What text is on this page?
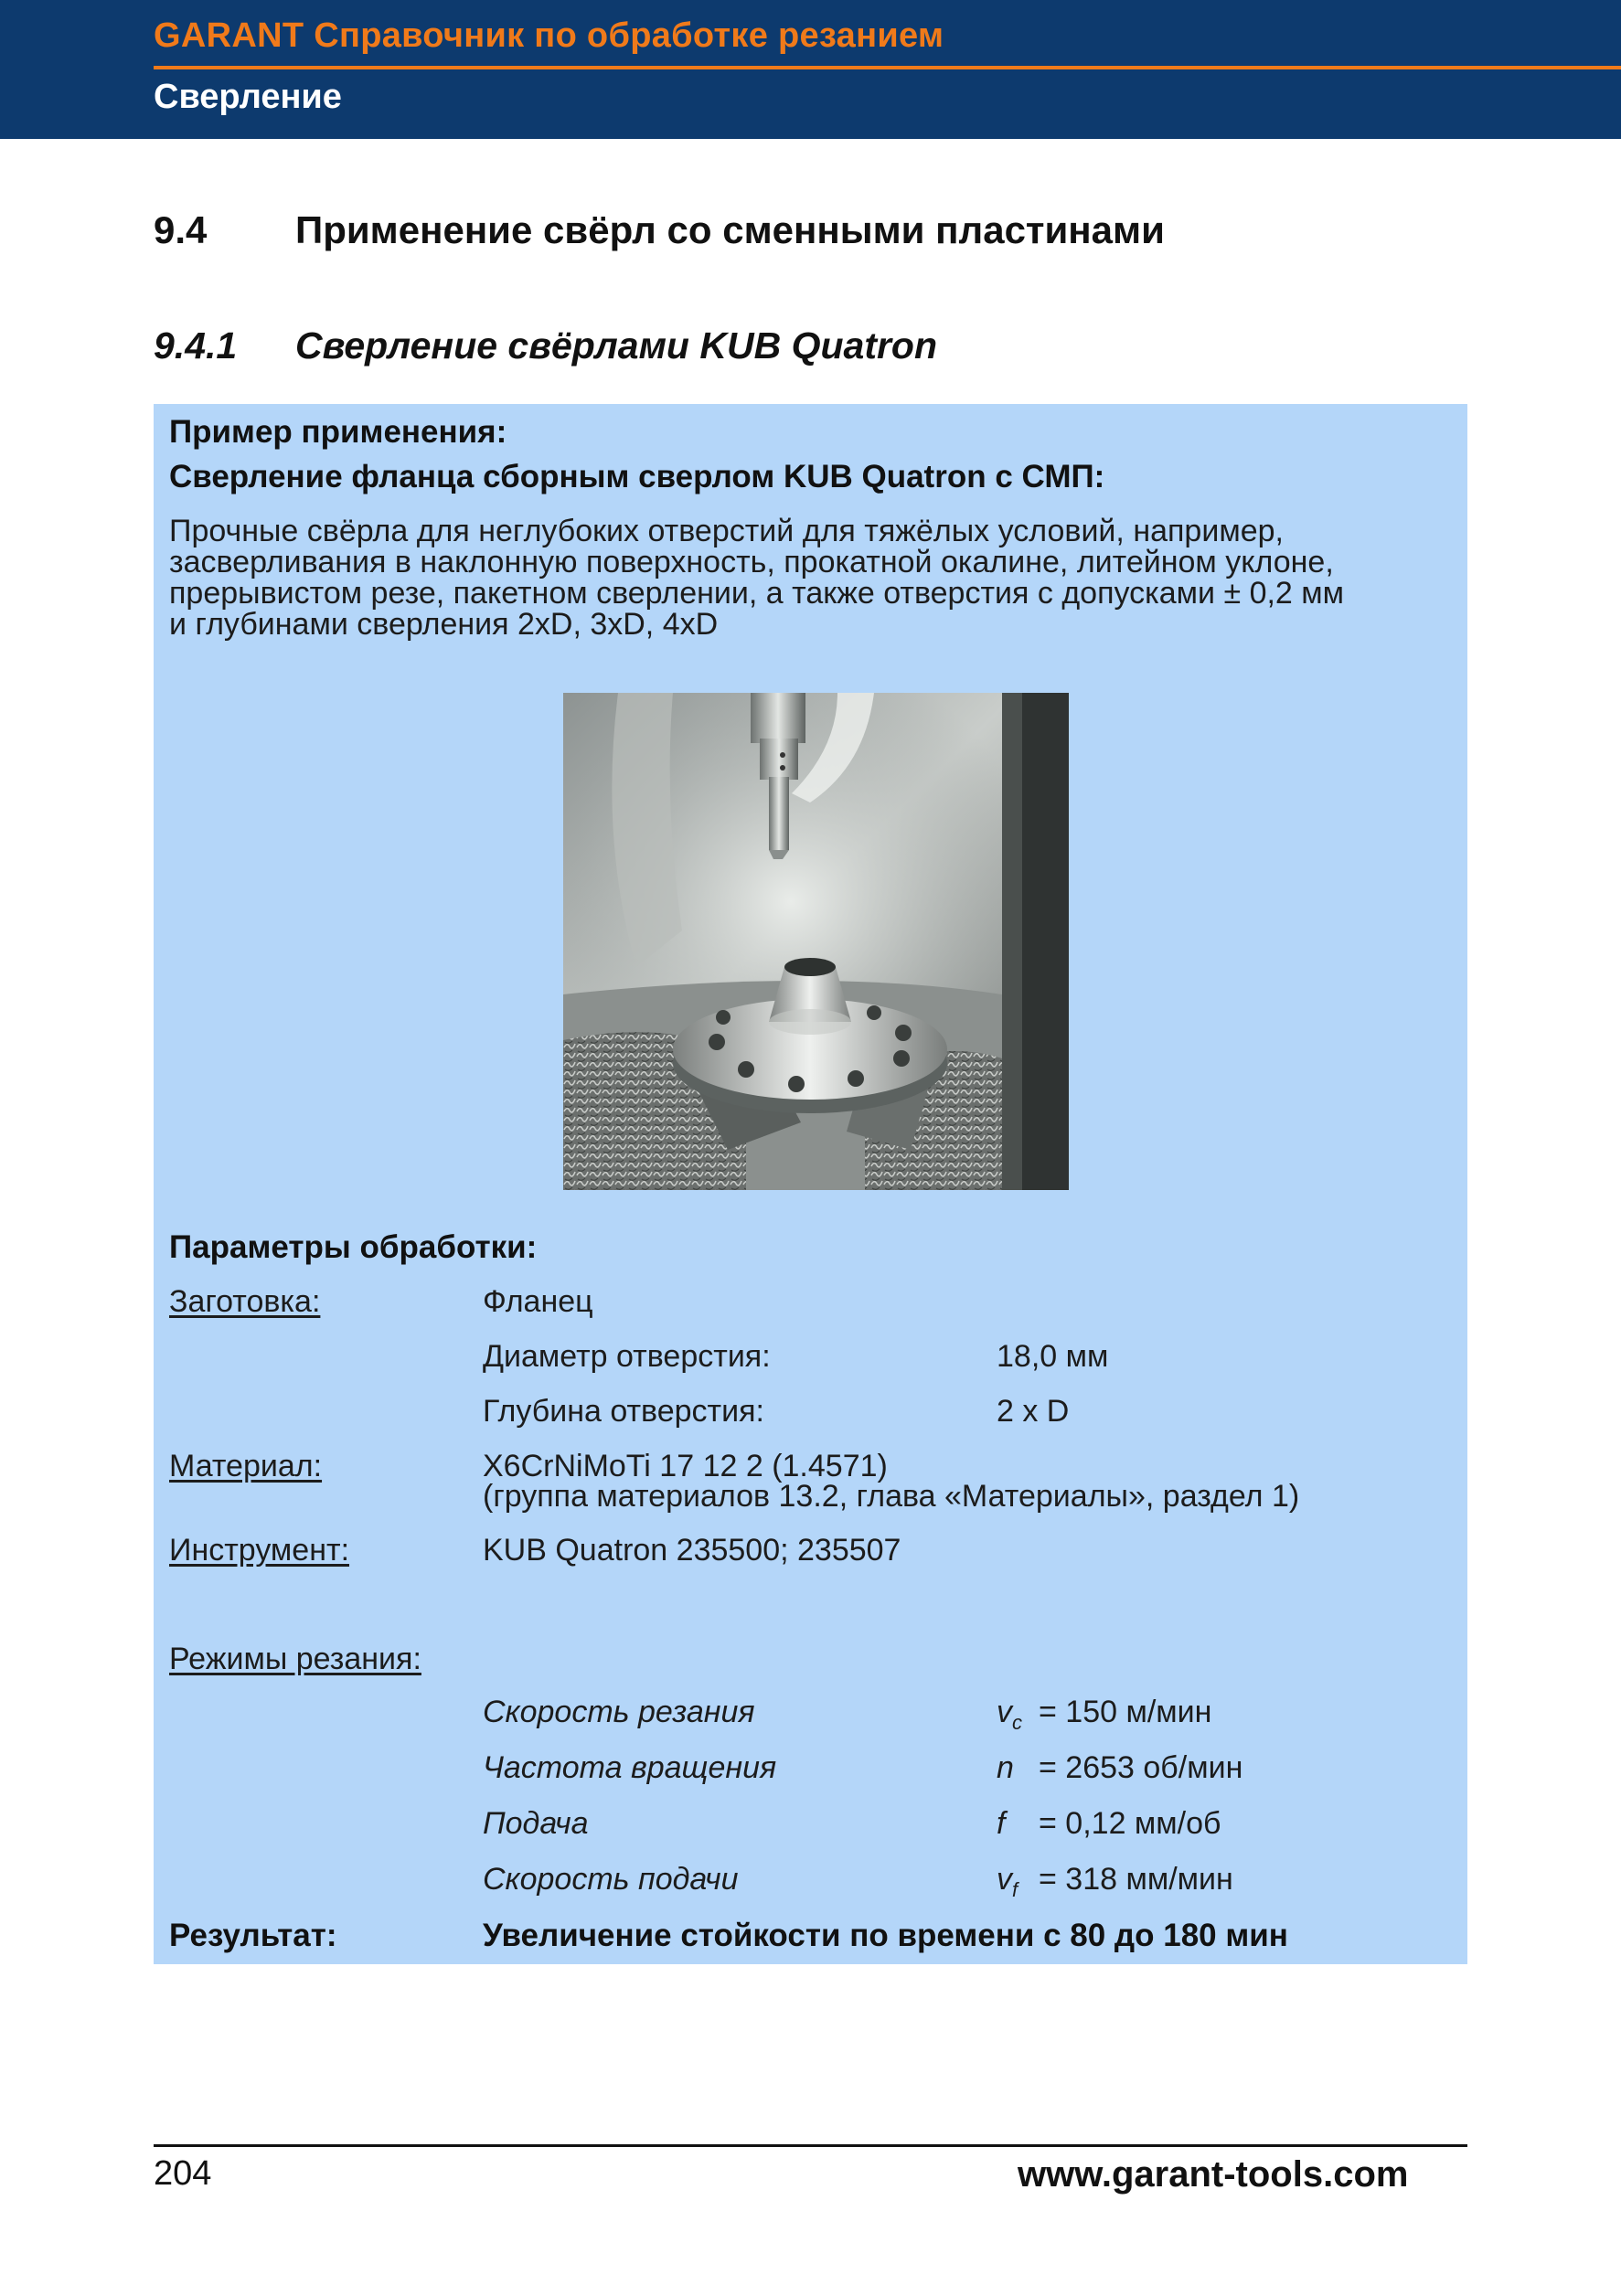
GARANT Справочник по обработке резанием
Сверление
9.4 Применение свёрл со сменными пластинами
9.4.1 Сверление свёрлами KUB Quatron
Пример применения:
Сверление фланца сборным сверлом KUB Quatron с СМП:
Прочные свёрла для неглубоких отверстий для тяжёлых условий, например,
засверливания в наклонную поверхность, прокатной окалине, литейном уклоне,
прерывистом резе, пакетном сверлении, а также отверстия с допусками ± 0,2 мм
и глубинами сверления 2xD, 3xD, 4xD
Параметры обработки:
Заготовка:	Фланец
Диаметр отверстия:	18,0 мм
Глубина отверстия:	2 x D
Материал:	X6CrNiMoTi 17 12 2 (1.4571)
(группа материалов 13.2, глава «Материалы», раздел 1)
Инструмент:	KUB Quatron 235500; 235507
Режимы резания:
Скорость резания	$v_c = 150$ м/мин
Частота вращения	n = 2653 об/мин
Подача	f = 0,12 мм/об
Скорость подачи	$v_f = 318$ мм/мин
Результат:	Увеличение стойкости по времени с 80 до 180 мин
204	www.garant-tools.com
